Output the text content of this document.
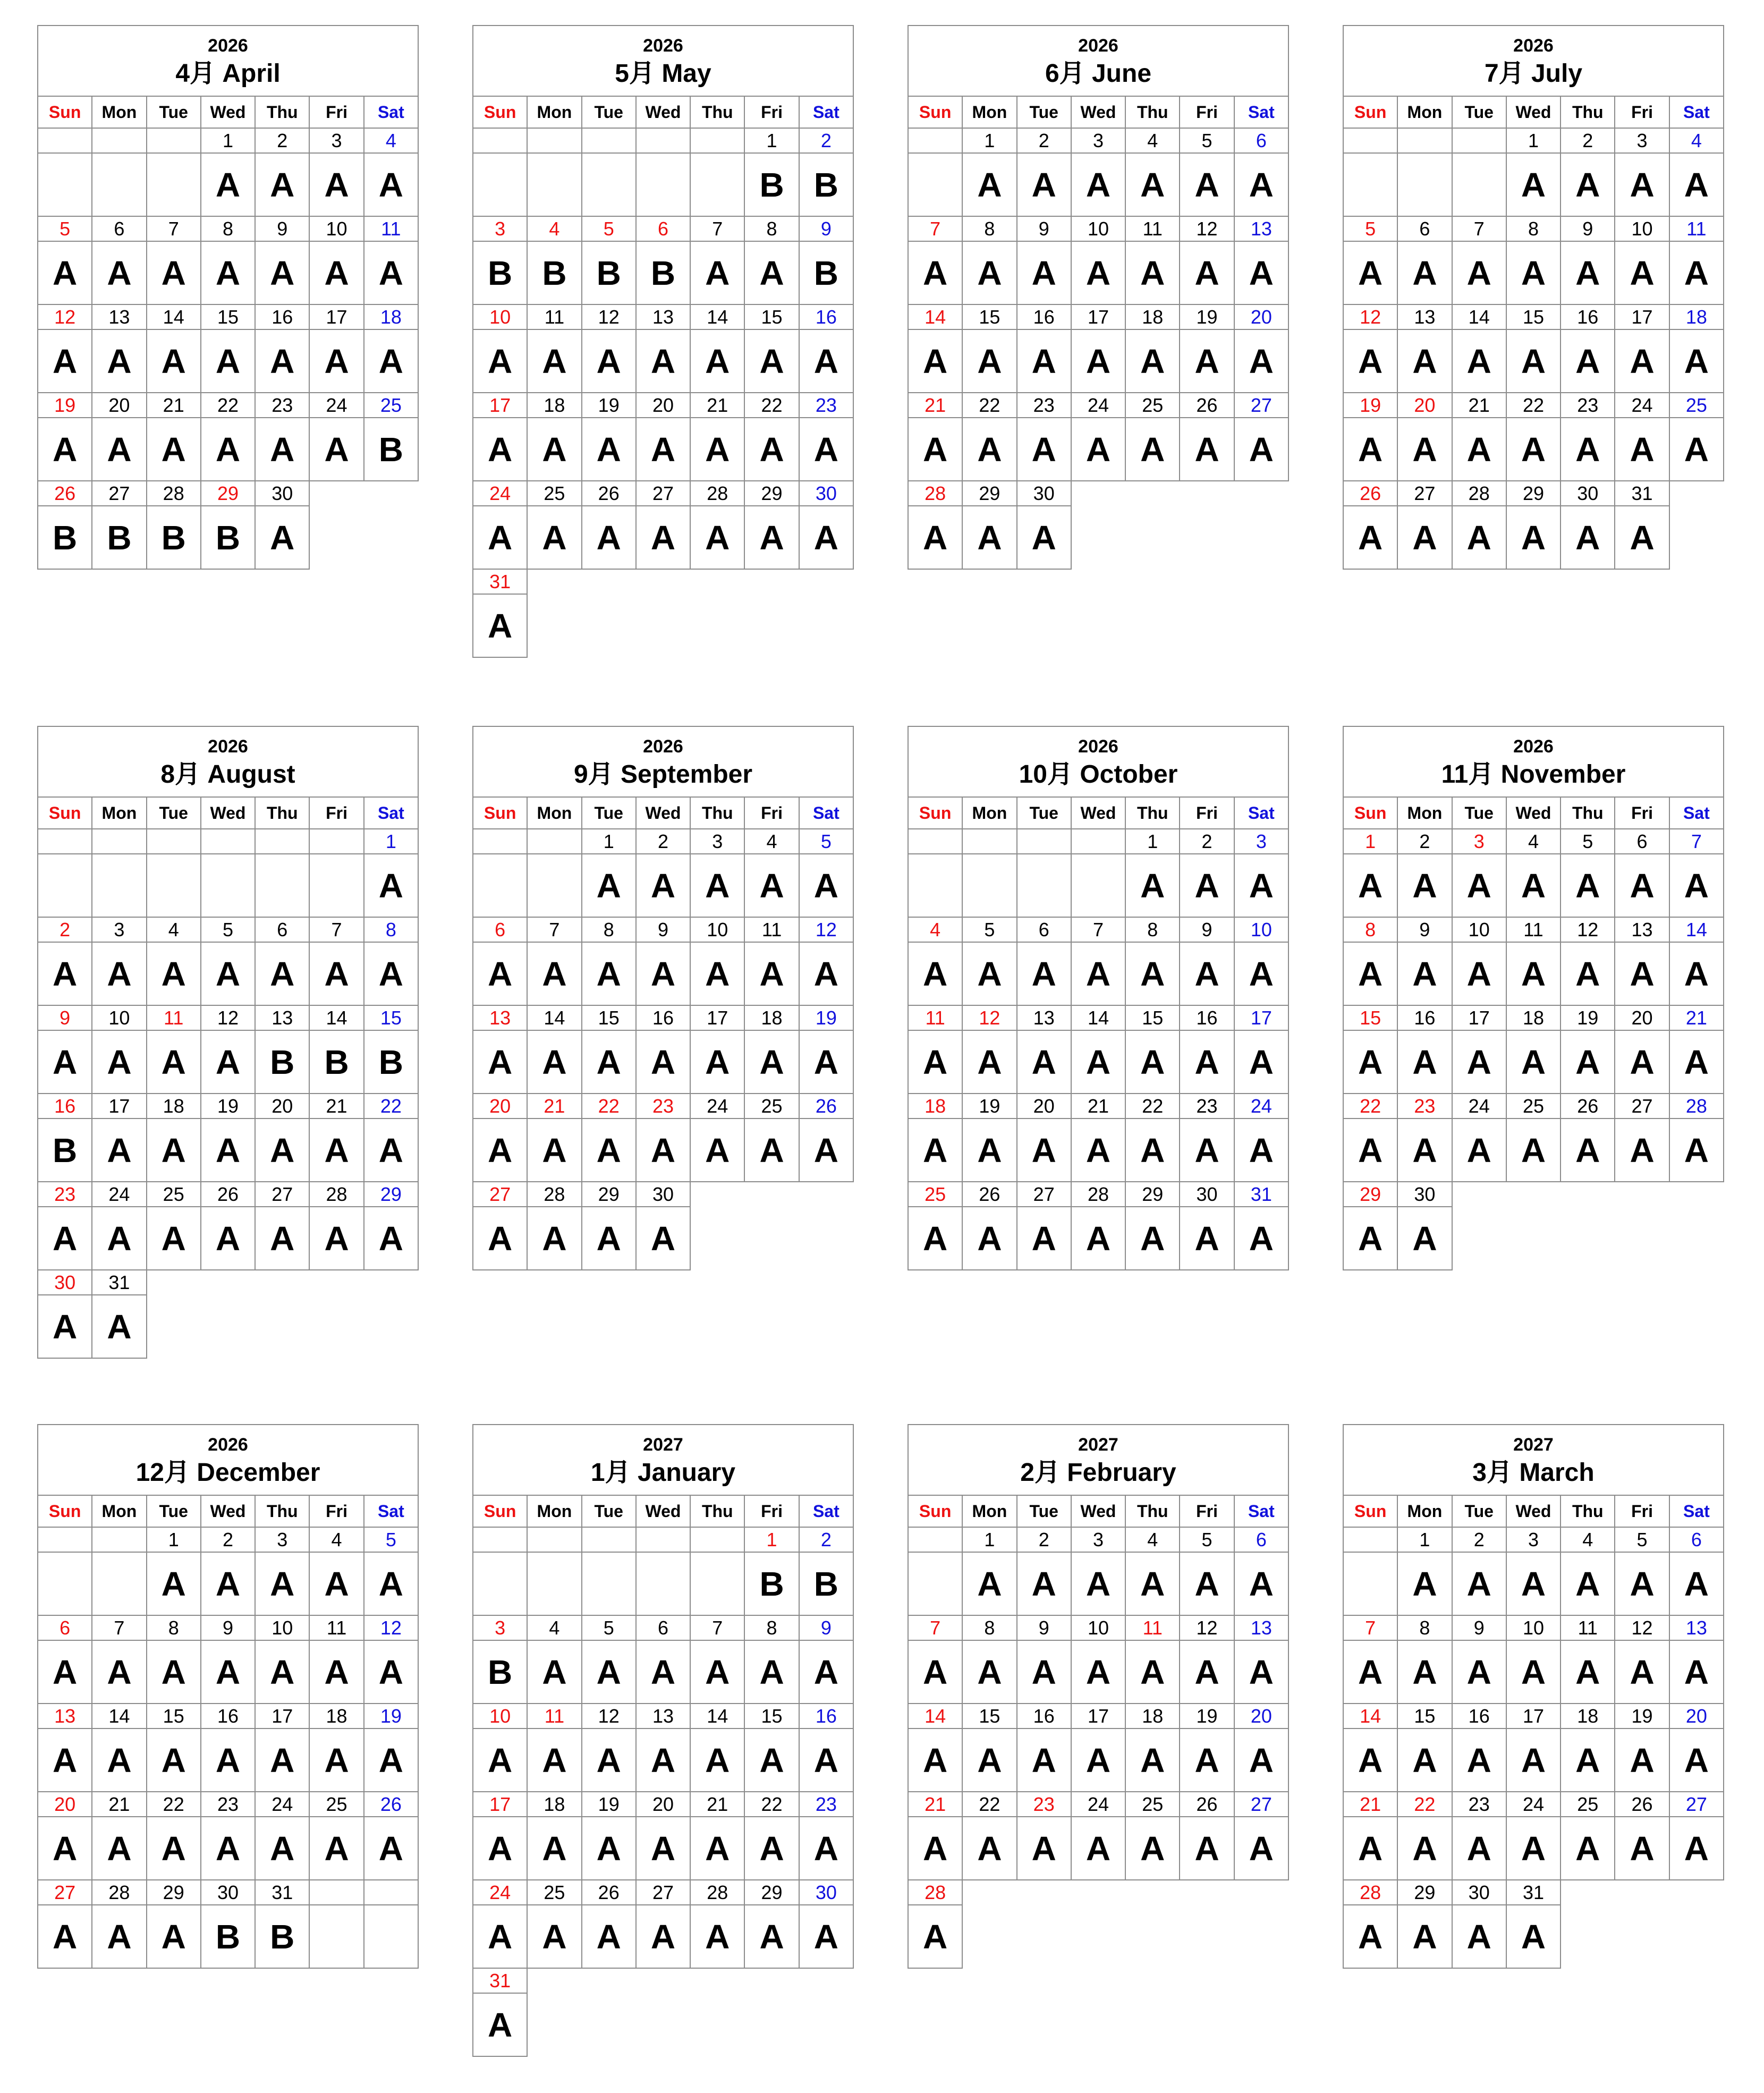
2026
4月 April
Sun	Mon	Tue	Wed	Thu	Fri	Sat
			1	2	3	4
			A	A	A	A
5	6	7	8	9	10	11
A	A	A	A	A	A	A
12	13	14	15	16	17	18
A	A	A	A	A	A	A
19	20	21	22	23	24	25
A	A	A	A	A	A	B
26	27	28	29	30		
B	B	B	B	A		
2026
5月 May
Sun	Mon	Tue	Wed	Thu	Fri	Sat
					1	2
					B	B
3	4	5	6	7	8	9
B	B	B	B	A	A	B
10	11	12	13	14	15	16
A	A	A	A	A	A	A
17	18	19	20	21	22	23
A	A	A	A	A	A	A
24	25	26	27	28	29	30
A	A	A	A	A	A	A
31						
A						
2026
6月 June
Sun	Mon	Tue	Wed	Thu	Fri	Sat
	1	2	3	4	5	6
	A	A	A	A	A	A
7	8	9	10	11	12	13
A	A	A	A	A	A	A
14	15	16	17	18	19	20
A	A	A	A	A	A	A
21	22	23	24	25	26	27
A	A	A	A	A	A	A
28	29	30				
A	A	A				
2026
7月 July
Sun	Mon	Tue	Wed	Thu	Fri	Sat
			1	2	3	4
			A	A	A	A
5	6	7	8	9	10	11
A	A	A	A	A	A	A
12	13	14	15	16	17	18
A	A	A	A	A	A	A
19	20	21	22	23	24	25
A	A	A	A	A	A	A
26	27	28	29	30	31	
A	A	A	A	A	A	
2026
8月 August
Sun	Mon	Tue	Wed	Thu	Fri	Sat
						1
						A
2	3	4	5	6	7	8
A	A	A	A	A	A	A
9	10	11	12	13	14	15
A	A	A	A	B	B	B
16	17	18	19	20	21	22
B	A	A	A	A	A	A
23	24	25	26	27	28	29
A	A	A	A	A	A	A
30	31					
A	A					
2026
9月 September
Sun	Mon	Tue	Wed	Thu	Fri	Sat
		1	2	3	4	5
		A	A	A	A	A
6	7	8	9	10	11	12
A	A	A	A	A	A	A
13	14	15	16	17	18	19
A	A	A	A	A	A	A
20	21	22	23	24	25	26
A	A	A	A	A	A	A
27	28	29	30			
A	A	A	A			
2026
10月 October
Sun	Mon	Tue	Wed	Thu	Fri	Sat
				1	2	3
				A	A	A
4	5	6	7	8	9	10
A	A	A	A	A	A	A
11	12	13	14	15	16	17
A	A	A	A	A	A	A
18	19	20	21	22	23	24
A	A	A	A	A	A	A
25	26	27	28	29	30	31
A	A	A	A	A	A	A
2026
11月 November
Sun	Mon	Tue	Wed	Thu	Fri	Sat
1	2	3	4	5	6	7
A	A	A	A	A	A	A
8	9	10	11	12	13	14
A	A	A	A	A	A	A
15	16	17	18	19	20	21
A	A	A	A	A	A	A
22	23	24	25	26	27	28
A	A	A	A	A	A	A
29	30					
A	A					
2026
12月 December
Sun	Mon	Tue	Wed	Thu	Fri	Sat
		1	2	3	4	5
		A	A	A	A	A
6	7	8	9	10	11	12
A	A	A	A	A	A	A
13	14	15	16	17	18	19
A	A	A	A	A	A	A
20	21	22	23	24	25	26
A	A	A	A	A	A	A
27	28	29	30	31		
A	A	A	B	B		
2027
1月 January
Sun	Mon	Tue	Wed	Thu	Fri	Sat
					1	2
					B	B
3	4	5	6	7	8	9
B	A	A	A	A	A	A
10	11	12	13	14	15	16
A	A	A	A	A	A	A
17	18	19	20	21	22	23
A	A	A	A	A	A	A
24	25	26	27	28	29	30
A	A	A	A	A	A	A
31						
A						
2027
2月 February
Sun	Mon	Tue	Wed	Thu	Fri	Sat
	1	2	3	4	5	6
	A	A	A	A	A	A
7	8	9	10	11	12	13
A	A	A	A	A	A	A
14	15	16	17	18	19	20
A	A	A	A	A	A	A
21	22	23	24	25	26	27
A	A	A	A	A	A	A
28						
A						
2027
3月 March
Sun	Mon	Tue	Wed	Thu	Fri	Sat
	1	2	3	4	5	6
	A	A	A	A	A	A
7	8	9	10	11	12	13
A	A	A	A	A	A	A
14	15	16	17	18	19	20
A	A	A	A	A	A	A
21	22	23	24	25	26	27
A	A	A	A	A	A	A
28	29	30	31			
A	A	A	A			
